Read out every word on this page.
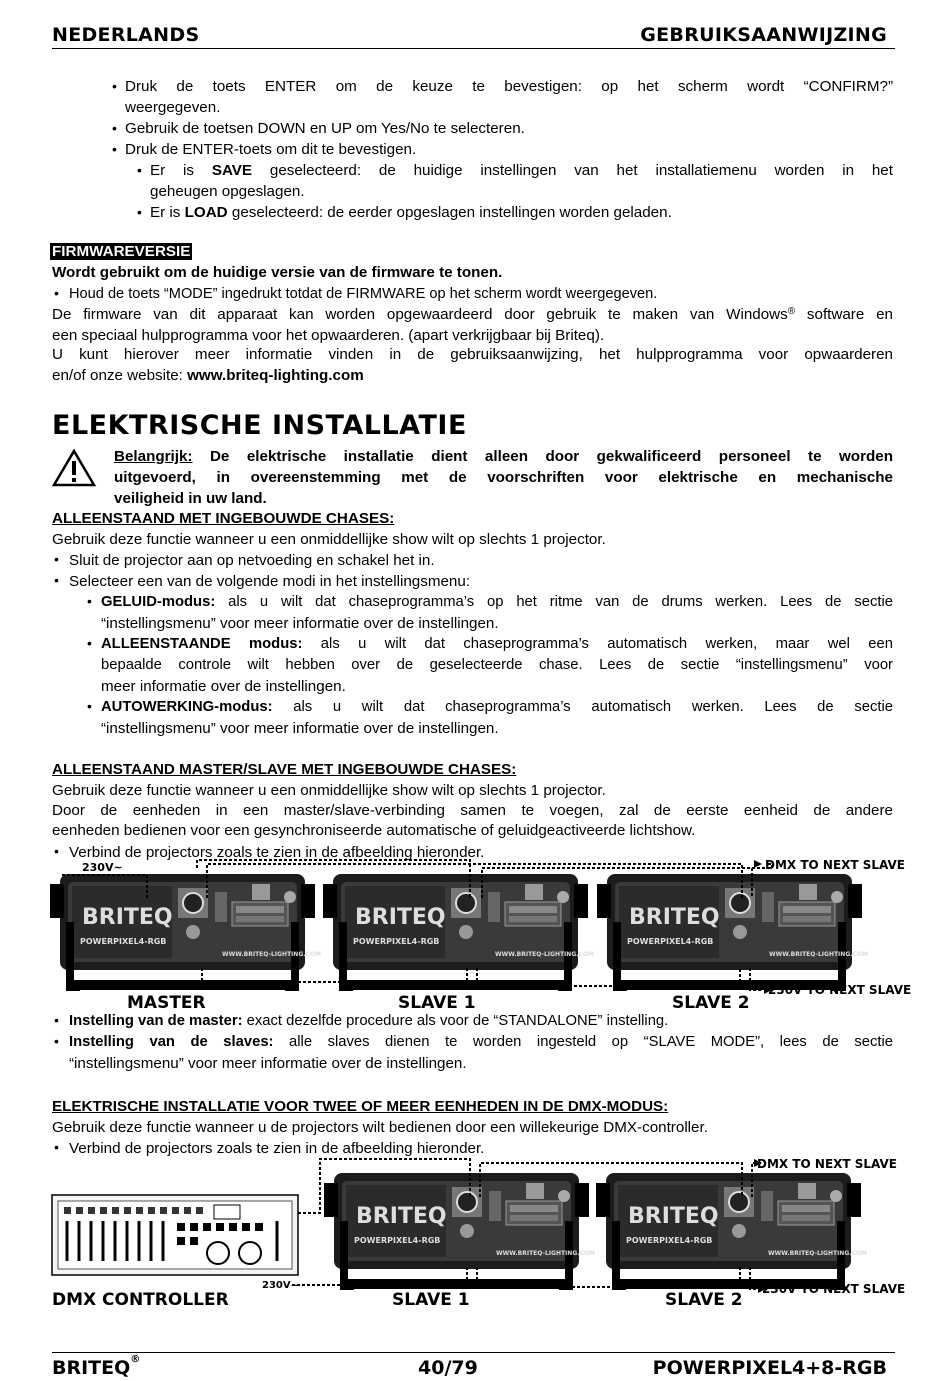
NEDERLANDS	GEBRUIKSAANWIJZING
• Druk de toets ENTER om de keuze te bevestigen: op het scherm wordt “CONFIRM?”
weergegeven.
• Gebruik de toetsen DOWN en UP om Yes/No te selecteren.
• Druk de ENTER-toets om dit te bevestigen.
• Er is SAVE geselecteerd: de huidige instellingen van het installatiemenu worden in het
geheugen opgeslagen.
• Er is LOAD geselecteerd: de eerder opgeslagen instellingen worden geladen.
FIRMWAREVERSIE
Wordt gebruikt om de huidige versie van de firmware te tonen.
• Houd de toets “MODE” ingedrukt totdat de FIRMWARE op het scherm wordt weergegeven.
De firmware van dit apparaat kan worden opgewaardeerd door gebruik te maken van Windows® software en
een speciaal hulpprogramma voor het opwaarderen. (apart verkrijgbaar bij Briteq).
U kunt hierover meer informatie vinden in de gebruiksaanwijzing, het hulpprogramma voor opwaarderen
en/of onze website: www.briteq-lighting.com
ELEKTRISCHE INSTALLATIE
Belangrijk: De elektrische installatie dient alleen door gekwalificeerd personeel te worden
uitgevoerd, in overeenstemming met de voorschriften voor elektrische en mechanische
veiligheid in uw land.
ALLEENSTAAND MET INGEBOUWDE CHASES:
Gebruik deze functie wanneer u een onmiddellijke show wilt op slechts 1 projector.
• Sluit de projector aan op netvoeding en schakel het in.
• Selecteer een van de volgende modi in het instellingsmenu:
• GELUID-modus: als u wilt dat chaseprogramma’s op het ritme van de drums werken. Lees de sectie
“instellingsmenu” voor meer informatie over de instellingen.
• ALLEENSTAANDE modus: als u wilt dat chaseprogramma’s automatisch werken, maar wel een
bepaalde controle wilt hebben over de geselecteerde chase. Lees de sectie “instellingsmenu” voor
meer informatie over de instellingen.
• AUTOWERKING-modus: als u wilt dat chaseprogramma’s automatisch werken. Lees de sectie
“instellingsmenu” voor meer informatie over de instellingen.
ALLEENSTAAND MASTER/SLAVE MET INGEBOUWDE CHASES:
Gebruik deze functie wanneer u een onmiddellijke show wilt op slechts 1 projector.
Door de eenheden in een master/slave-verbinding samen te voegen, zal de eerste eenheid de andere
eenheden bedienen voor een gesynchroniseerde automatische of geluidgeactiveerde lichtshow.
• Verbind de projectors zoals te zien in de afbeelding hieronder.
BRITEQ	BRITEQ	BRITEQ
POWERPIXEL4-RGB	POWERPIXEL4-RGB	POWERPIXEL4-RGB
WWW.BRITEQ-LIGHTING.COM	WWW.BRITEQ-LIGHTING.COM	WWW.BRITEQ-LIGHTING.COM
230V~	DMX TO NEXT SLAVE
230V TO NEXT SLAVE
MASTER	SLAVE 1	SLAVE 2
• Instelling van de master: exact dezelfde procedure als voor de “STANDALONE” instelling.
• Instelling van de slaves: alle slaves dienen te worden ingesteld op “SLAVE MODE”, lees de sectie
“instellingsmenu” voor meer informatie over de instellingen.
ELEKTRISCHE INSTALLATIE VOOR TWEE OF MEER EENHEDEN IN DE DMX-MODUS:
Gebruik deze functie wanneer u de projectors wilt bedienen door een willekeurige DMX-controller.
• Verbind de projectors zoals te zien in de afbeelding hieronder.
BRITEQ	BRITEQ
POWERPIXEL4-RGB	POWERPIXEL4-RGB
WWW.BRITEQ-LIGHTING.COM	WWW.BRITEQ-LIGHTING.COM
DMX TO NEXT SLAVE
230V~	230V TO NEXT SLAVE
DMX CONTROLLER	SLAVE 1	SLAVE 2
BRITEQ®	40/79	POWERPIXEL4+8-RGB
